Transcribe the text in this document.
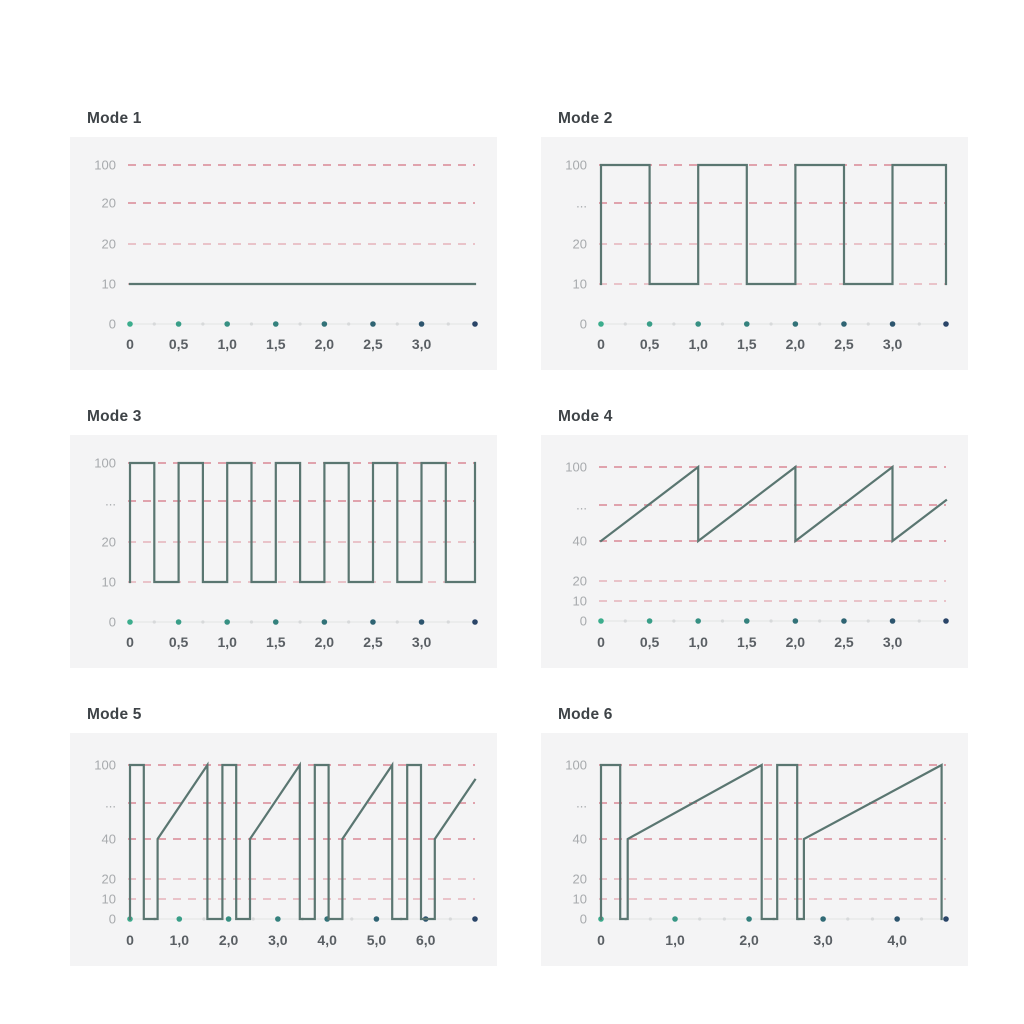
Mode 1
100
20
20
10
0
0 0,5 1,0 1,5 2,0 2,5 3,0
Mode 2
100
...
20
10
0
0 0,5 1,0 1,5 2,0 2,5 3,0
Mode 3
100
...
20
10
0
0 0,5 1,0 1,5 2,0 2,5 3,0
Mode 4
100
...
40
20
10
0
0 0,5 1,0 1,5 2,0 2,5 3,0
Mode 5
100
...
40
20
10
0
0	1,0 2,0 3,0 4,0 5,0 6,0
Mode 6
100
...
40
20
10
0
0	1,0	2,0	3,0	4,0
